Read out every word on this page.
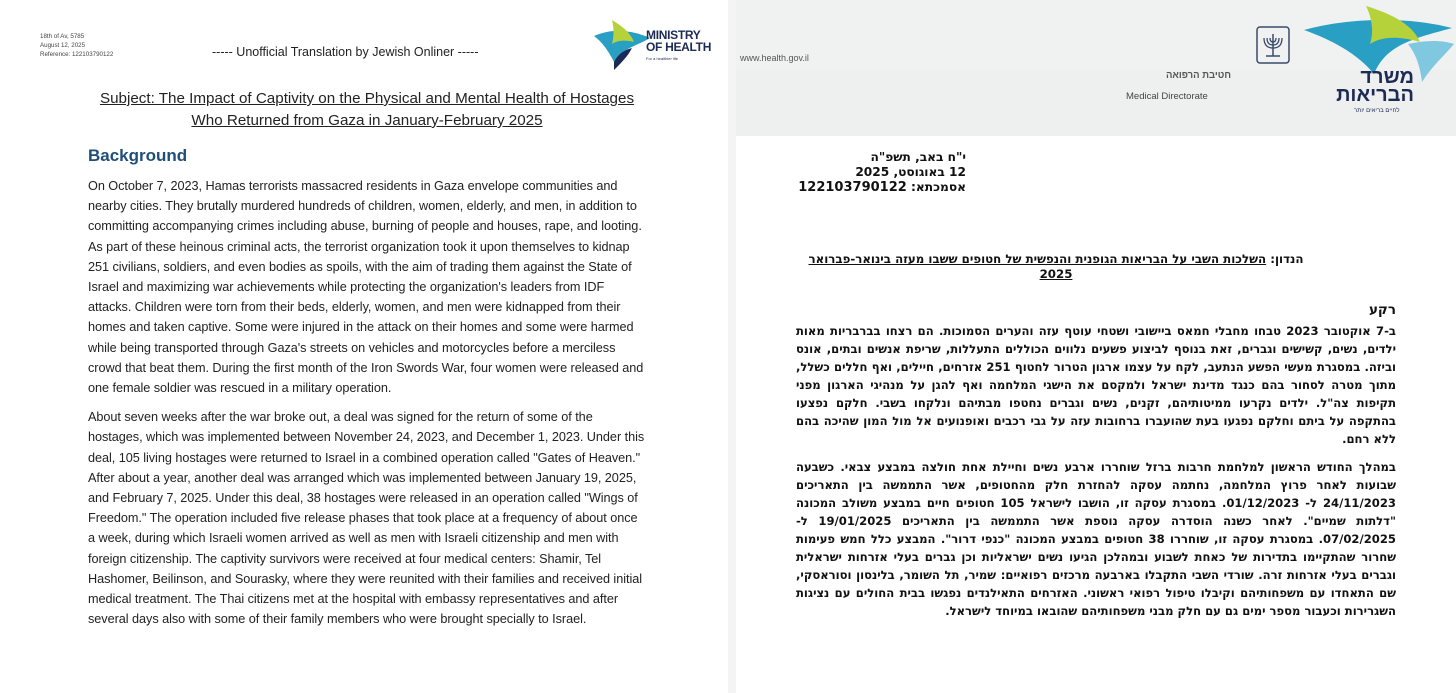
18th of Av, 5785
August 12, 2025
Reference: 122103790122	----- Unofficial Translation by Jewish Onliner -----
MINISTRY
OF HEALTH
For a healthier life
Subject: The Impact of Captivity on the Physical and Mental Health of Hostages Who Returned from Gaza in January-February 2025
Background

On October 7, 2023, Hamas terrorists massacred residents in Gaza envelope communities and nearby cities. They brutally murdered hundreds of children, women, elderly, and men, in addition to committing accompanying crimes including abuse, burning of people and houses, rape, and looting. As part of these heinous criminal acts, the terrorist organization took it upon themselves to kidnap 251 civilians, soldiers, and even bodies as spoils, with the aim of trading them against the State of Israel and maximizing war achievements while protecting the organization's leaders from IDF attacks. Children were torn from their beds, elderly, women, and men were kidnapped from their homes and taken captive. Some were injured in the attack on their homes and some were harmed while being transported through Gaza's streets on vehicles and motorcycles before a merciless crowd that beat them. During the first month of the Iron Swords War, four women were released and one female soldier was rescued in a military operation.

About seven weeks after the war broke out, a deal was signed for the return of some of the hostages, which was implemented between November 24, 2023, and December 1, 2023. Under this deal, 105 living hostages were returned to Israel in a combined operation called "Gates of Heaven." After about a year, another deal was arranged which was implemented between January 19, 2025, and February 7, 2025. Under this deal, 38 hostages were released in an operation called "Wings of Freedom." The operation included five release phases that took place at a frequency of about once a week, during which Israeli women arrived as well as men with Israeli citizenship and men with foreign citizenship. The captivity survivors were received at four medical centers: Shamir, Tel Hashomer, Beilinson, and Sourasky, where they were reunited with their families and received initial medical treatment. The Thai citizens met at the hospital with embassy representatives and after several days also with some of their family members who were brought specially to Israel.

www.health.gov.il
חטיבת הרפואה
Medical Directorate
משרד
הבריאות
לחיים בריאים יותר
י"ח באב, תשפ"ה
12 באוגוסט, 2025
אסמכתא: 122103790122
הנדון: השלכות השבי על הבריאות הגופנית והנפשית של חטופים ששבו מעזה בינואר-פברואר 2025
רקע

ב-7 אוקטובר 2023 טבחו מחבלי חמאס ביישובי ושטחי עוטף עזה והערים הסמוכות. הם רצחו בברבריות מאות ילדים, נשים, קשישים וגברים, זאת בנוסף לביצוע פשעים נלווים הכוללים התעללות, שריפת אנשים ובתים, אונס וביזה. במסגרת מעשי הפשע הנתעב, לקח על עצמו ארגון הטרור לחטוף 251 אזרחים, חיילים, ואף חללים כשלל, מתוך מטרה לסחור בהם כנגד מדינת ישראל ולמקסם את הישגי המלחמה ואף להגן על מנהיגי הארגון מפני תקיפות צה"ל. ילדים נקרעו ממיטותיהם, זקנים, נשים וגברים נחטפו מבתיהם ונלקחו בשבי. חלקם נפצעו בהתקפה על ביתם וחלקם נפגעו בעת שהועברו ברחובות עזה על גבי רכבים ואופנועים אל מול המון שהיכה בהם ללא רחם.

במהלך החודש הראשון למלחמת חרבות ברזל שוחררו ארבע נשים וחיילת אחת חולצה במבצע צבאי. כשבעה שבועות לאחר פרוץ המלחמה, נחתמה עסקה להחזרת חלק מהחטופים, אשר התממשה בין התאריכים 24/11/2023 ל- 01/12/2023. במסגרת עסקה זו, הושבו לישראל 105 חטופים חיים במבצע משולב המכונה "דלתות שמיים". לאחר כשנה הוסדרה עסקה נוספת אשר התממשה בין התאריכים 19/01/2025 ל- 07/02/2025. במסגרת עסקה זו, שוחררו 38 חטופים במבצע המכונה "כנפי דרור". המבצע כלל חמש פעימות שחרור שהתקיימו בתדירות של כאחת לשבוע ובמהלכן הגיעו נשים ישראליות וכן גברים בעלי אזרחות ישראלית וגברים בעלי אזרחות זרה. שורדי השבי התקבלו בארבעה מרכזים רפואיים: שמיר, תל השומר, בלינסון וסוראסקי, שם התאחדו עם משפחותיהם וקיבלו טיפול רפואי ראשוני. האזרחים התאילנדים נפגשו בבית החולים עם נציגות השגרירות וכעבור מספר ימים גם עם חלק מבני משפחותיהם שהובאו במיוחד לישראל.
